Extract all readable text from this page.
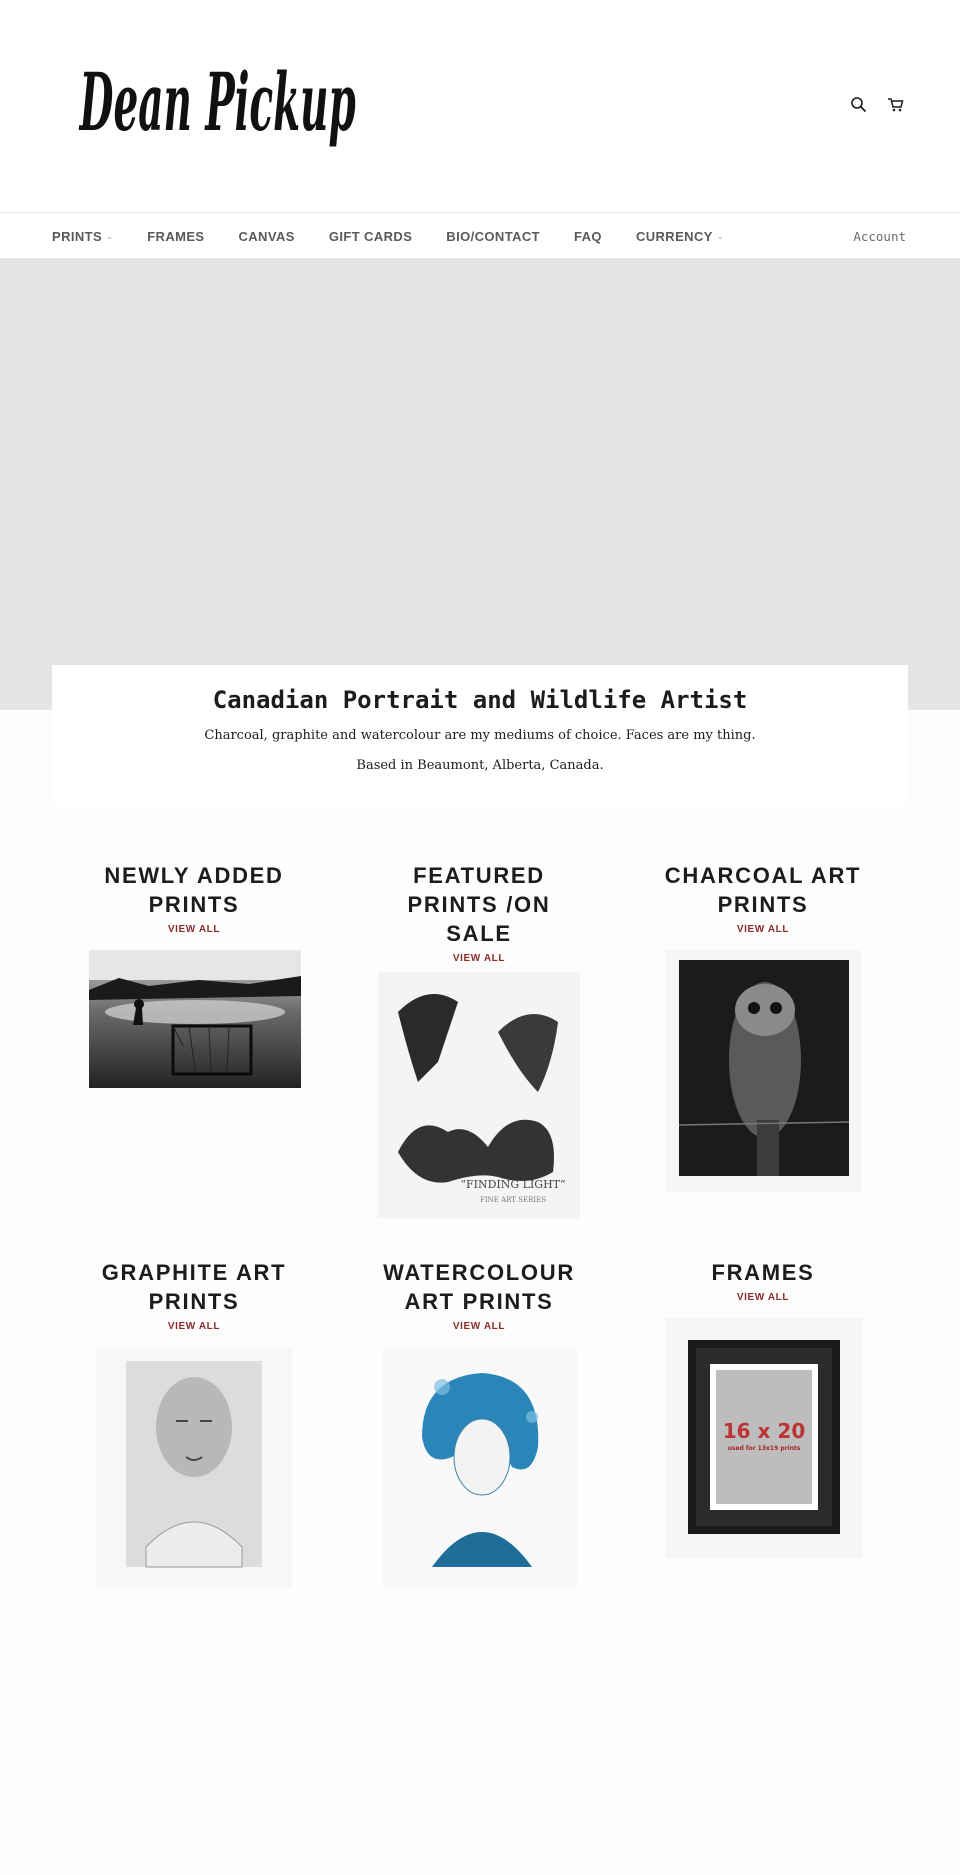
Dean Pickup
PRINTS ⌄	FRAMES	CANVAS	GIFT CARDS	BIO/CONTACT	FAQ	CURRENCY ⌄	Account
Canadian Portrait and Wildlife Artist

Charcoal, graphite and watercolour are my mediums of choice. Faces are my thing.

Based in Beaumont, Alberta, Canada.

NEWLY ADDED
PRINTS
VIEW ALL
FEATURED
PRINTS /ON
SALE
VIEW ALL
“FINDING LIGHT”
FINE ART SERIES
CHARCOAL ART
PRINTS
VIEW ALL
GRAPHITE ART
PRINTS
VIEW ALL
WATERCOLOUR
ART PRINTS
VIEW ALL
FRAMES
VIEW ALL
16 x 20
used for 13x19 prints
